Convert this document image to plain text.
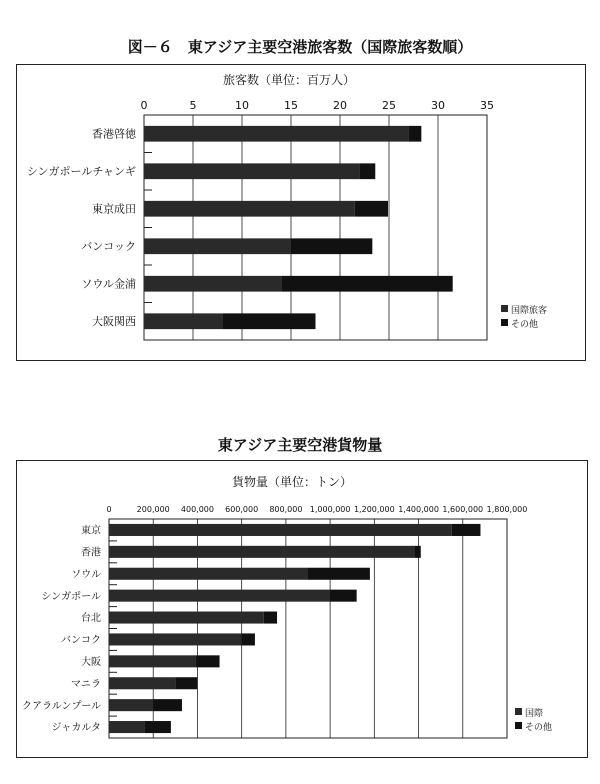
図－６　東アジア主要空港旅客数（国際旅客数順）
旅客数（単位：百万人）
0	5	10	15	20	25	30	35
香港啓徳
シンガポールチャンギ
東京成田
バンコック
ソウル金浦
大阪関西
国際旅客
その他
東アジア主要空港貨物量
貨物量（単位：トン）
0	200,000 400,000 600,000 800,000 1,000,000 1,200,000 1,400,000 1,600,000 1,800,000
東京
香港
ソウル
シンガポール
台北
バンコク
大阪
マニラ
クアラルンプール
ジャカルタ
国際
その他
